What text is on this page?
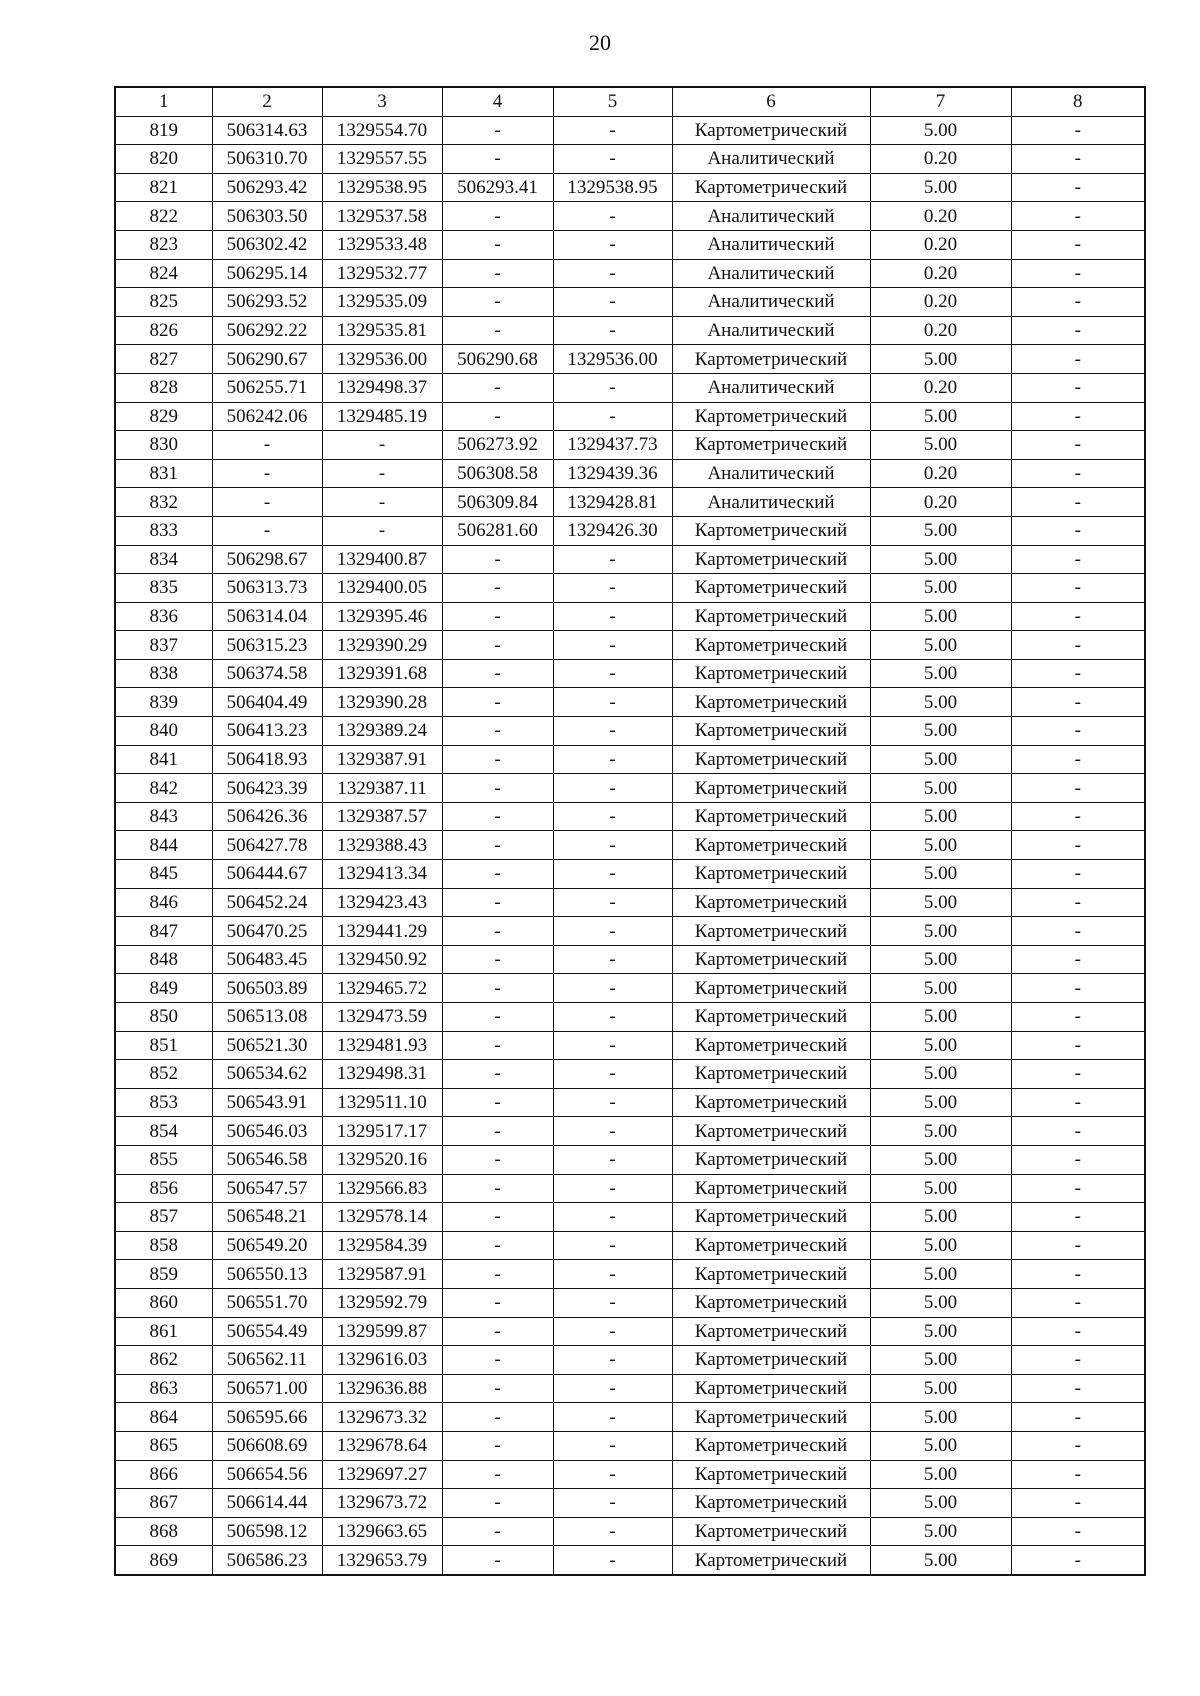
20
1	2	3	4	5	6	7	8
819	506314.63	1329554.70	-	-	Картометрический	5.00	-
820	506310.70	1329557.55	-	-	Аналитический	0.20	-
821	506293.42	1329538.95	506293.41	1329538.95	Картометрический	5.00	-
822	506303.50	1329537.58	-	-	Аналитический	0.20	-
823	506302.42	1329533.48	-	-	Аналитический	0.20	-
824	506295.14	1329532.77	-	-	Аналитический	0.20	-
825	506293.52	1329535.09	-	-	Аналитический	0.20	-
826	506292.22	1329535.81	-	-	Аналитический	0.20	-
827	506290.67	1329536.00	506290.68	1329536.00	Картометрический	5.00	-
828	506255.71	1329498.37	-	-	Аналитический	0.20	-
829	506242.06	1329485.19	-	-	Картометрический	5.00	-
830	-	-	506273.92	1329437.73	Картометрический	5.00	-
831	-	-	506308.58	1329439.36	Аналитический	0.20	-
832	-	-	506309.84	1329428.81	Аналитический	0.20	-
833	-	-	506281.60	1329426.30	Картометрический	5.00	-
834	506298.67	1329400.87	-	-	Картометрический	5.00	-
835	506313.73	1329400.05	-	-	Картометрический	5.00	-
836	506314.04	1329395.46	-	-	Картометрический	5.00	-
837	506315.23	1329390.29	-	-	Картометрический	5.00	-
838	506374.58	1329391.68	-	-	Картометрический	5.00	-
839	506404.49	1329390.28	-	-	Картометрический	5.00	-
840	506413.23	1329389.24	-	-	Картометрический	5.00	-
841	506418.93	1329387.91	-	-	Картометрический	5.00	-
842	506423.39	1329387.11	-	-	Картометрический	5.00	-
843	506426.36	1329387.57	-	-	Картометрический	5.00	-
844	506427.78	1329388.43	-	-	Картометрический	5.00	-
845	506444.67	1329413.34	-	-	Картометрический	5.00	-
846	506452.24	1329423.43	-	-	Картометрический	5.00	-
847	506470.25	1329441.29	-	-	Картометрический	5.00	-
848	506483.45	1329450.92	-	-	Картометрический	5.00	-
849	506503.89	1329465.72	-	-	Картометрический	5.00	-
850	506513.08	1329473.59	-	-	Картометрический	5.00	-
851	506521.30	1329481.93	-	-	Картометрический	5.00	-
852	506534.62	1329498.31	-	-	Картометрический	5.00	-
853	506543.91	1329511.10	-	-	Картометрический	5.00	-
854	506546.03	1329517.17	-	-	Картометрический	5.00	-
855	506546.58	1329520.16	-	-	Картометрический	5.00	-
856	506547.57	1329566.83	-	-	Картометрический	5.00	-
857	506548.21	1329578.14	-	-	Картометрический	5.00	-
858	506549.20	1329584.39	-	-	Картометрический	5.00	-
859	506550.13	1329587.91	-	-	Картометрический	5.00	-
860	506551.70	1329592.79	-	-	Картометрический	5.00	-
861	506554.49	1329599.87	-	-	Картометрический	5.00	-
862	506562.11	1329616.03	-	-	Картометрический	5.00	-
863	506571.00	1329636.88	-	-	Картометрический	5.00	-
864	506595.66	1329673.32	-	-	Картометрический	5.00	-
865	506608.69	1329678.64	-	-	Картометрический	5.00	-
866	506654.56	1329697.27	-	-	Картометрический	5.00	-
867	506614.44	1329673.72	-	-	Картометрический	5.00	-
868	506598.12	1329663.65	-	-	Картометрический	5.00	-
869	506586.23	1329653.79	-	-	Картометрический	5.00	-
